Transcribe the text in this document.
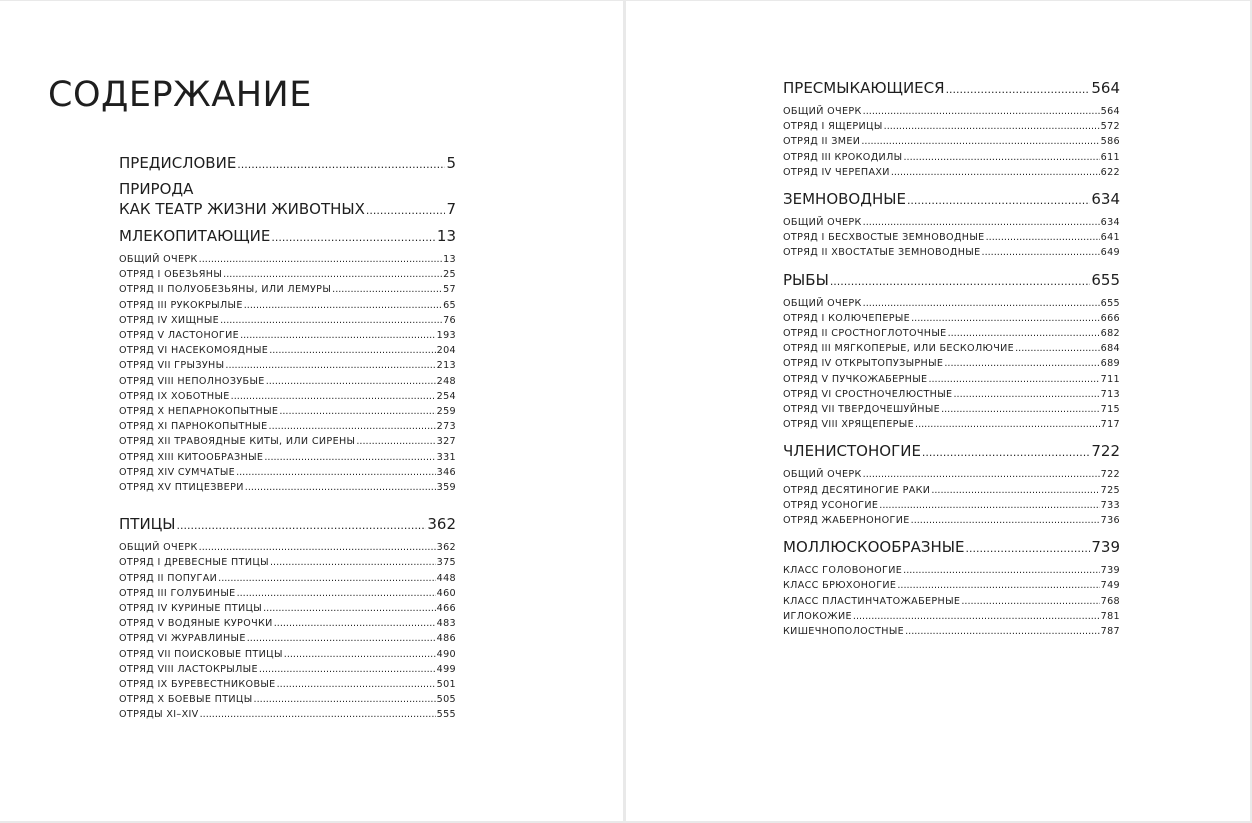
СОДЕРЖАНИЕ
ПРЕДИСЛОВИЕ .....	5
ПРИРОДА
КАК ТЕАТР ЖИЗНИ ЖИВОТНЫХ .....	7
МЛЕКОПИТАЮЩИЕ .....	13
ОБЩИЙ ОЧЕРК .....	13
ОТРЯД I ОБЕЗЬЯНЫ .....	25
ОТРЯД II ПОЛУОБЕЗЬЯНЫ, ИЛИ ЛЕМУРЫ .....	57
ОТРЯД III РУКОКРЫЛЫЕ .....	65
ОТРЯД IV ХИЩНЫЕ .....	76
ОТРЯД V ЛАСТОНОГИЕ .....	193
ОТРЯД VI НАСЕКОМОЯДНЫЕ .....	204
ОТРЯД VII ГРЫЗУНЫ .....	213
ОТРЯД VIII НЕПОЛНОЗУБЫЕ .....	248
ОТРЯД IX ХОБОТНЫЕ .....	254
ОТРЯД X НЕПАРНОКОПЫТНЫЕ .....	259
ОТРЯД XI ПАРНОКОПЫТНЫЕ .....	273
ОТРЯД XII ТРАВОЯДНЫЕ КИТЫ, ИЛИ СИРЕНЫ .....	327
ОТРЯД XIII КИТООБРАЗНЫЕ .....	331
ОТРЯД XIV СУМЧАТЫЕ .....	346
ОТРЯД XV ПТИЦЕЗВЕРИ .....	359
ПТИЦЫ .....	362
ОБЩИЙ ОЧЕРК .....	362
ОТРЯД I ДРЕВЕСНЫЕ ПТИЦЫ .....	375
ОТРЯД II ПОПУГАИ .....	448
ОТРЯД III ГОЛУБИНЫЕ .....	460
ОТРЯД IV КУРИНЫЕ ПТИЦЫ .....	466
ОТРЯД V ВОДЯНЫЕ КУРОЧКИ .....	483
ОТРЯД VI ЖУРАВЛИНЫЕ .....	486
ОТРЯД VII ПОИСКОВЫЕ ПТИЦЫ .....	490
ОТРЯД VIII ЛАСТОКРЫЛЫЕ .....	499
ОТРЯД IX БУРЕВЕСТНИКОВЫЕ .....	501
ОТРЯД X БОЕВЫЕ ПТИЦЫ .....	505
ОТРЯДЫ XI–XIV .....	555
ПРЕСМЫКАЮЩИЕСЯ .....	564
ОБЩИЙ ОЧЕРК .....	564
ОТРЯД I ЯЩЕРИЦЫ .....	572
ОТРЯД II ЗМЕИ .....	586
ОТРЯД III КРОКОДИЛЫ .....	611
ОТРЯД IV ЧЕРЕПАХИ .....	622
ЗЕМНОВОДНЫЕ .....	634
ОБЩИЙ ОЧЕРК .....	634
ОТРЯД I БЕСХВОСТЫЕ ЗЕМНОВОДНЫЕ .....	641
ОТРЯД II ХВОСТАТЫЕ ЗЕМНОВОДНЫЕ .....	649
РЫБЫ .....	655
ОБЩИЙ ОЧЕРК .....	655
ОТРЯД I КОЛЮЧЕПЕРЫЕ .....	666
ОТРЯД II СРОСТНОГЛОТОЧНЫЕ .....	682
ОТРЯД III МЯГКОПЕРЫЕ, ИЛИ БЕСКОЛЮЧИЕ .....	684
ОТРЯД IV ОТКРЫТОПУЗЫРНЫЕ .....	689
ОТРЯД V ПУЧКОЖАБЕРНЫЕ .....	711
ОТРЯД VI СРОСТНОЧЕЛЮСТНЫЕ .....	713
ОТРЯД VII ТВЕРДОЧЕШУЙНЫЕ .....	715
ОТРЯД VIII ХРЯЩЕПЕРЫЕ .....	717
ЧЛЕНИСТОНОГИЕ .....	722
ОБЩИЙ ОЧЕРК .....	722
ОТРЯД ДЕСЯТИНОГИЕ РАКИ .....	725
ОТРЯД УСОНОГИЕ .....	733
ОТРЯД ЖАБЕРНОНОГИЕ .....	736
МОЛЛЮСКООБРАЗНЫЕ .....	739
КЛАСС ГОЛОВОНОГИЕ .....	739
КЛАСС БРЮХОНОГИЕ .....	749
КЛАСС ПЛАСТИНЧАТОЖАБЕРНЫЕ .....	768
ИГЛОКОЖИЕ .....	781
КИШЕЧНОПОЛОСТНЫЕ .....	787
